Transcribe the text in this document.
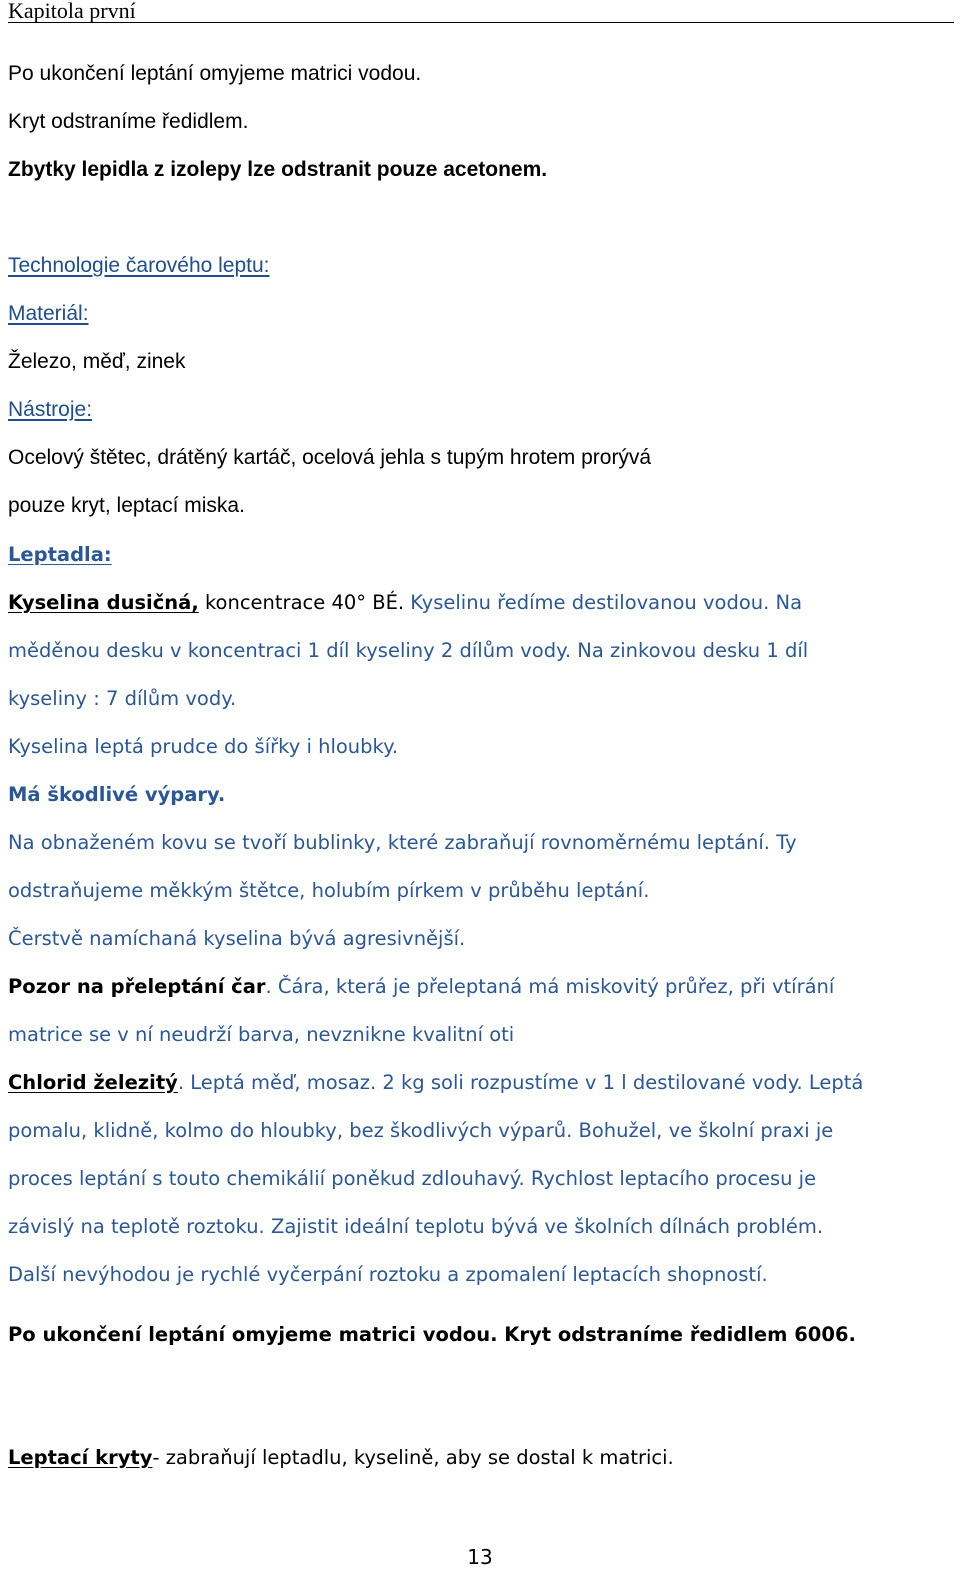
Kapitola první
Po ukončení leptání omyjeme matrici vodou.
Kryt odstraníme ředidlem.
Zbytky lepidla z izolepy lze odstranit pouze acetonem.
Technologie čarového leptu:
Materiál:
Železo, měď, zinek
Nástroje:
Ocelový štětec, drátěný kartáč, ocelová jehla s tupým hrotem prorývá
pouze kryt, leptací miska.
Leptadla:
Kyselina dusičná, koncentrace 40° BÉ. Kyselinu ředíme destilovanou vodou. Na
měděnou desku v koncentraci 1 díl kyseliny 2 dílům vody. Na zinkovou desku 1 díl
kyseliny : 7 dílům vody.
Kyselina leptá prudce do šířky i hloubky.
Má škodlivé výpary.
Na obnaženém kovu se tvoří bublinky, které zabraňují rovnoměrnému leptání. Ty
odstraňujeme měkkým štětce, holubím pírkem v průběhu leptání.
Čerstvě namíchaná kyselina bývá agresivnější.
Pozor na přeleptání čar. Čára, která je přeleptaná má miskovitý průřez, při vtírání
matrice se v ní neudrží barva, nevznikne kvalitní oti
Chlorid železitý. Leptá měď, mosaz. 2 kg soli rozpustíme v 1 l destilované vody. Leptá
pomalu, klidně, kolmo do hloubky, bez škodlivých výparů. Bohužel, ve školní praxi je
proces leptání s touto chemikálií poněkud zdlouhavý. Rychlost leptacího procesu je
závislý na teplotě roztoku. Zajistit ideální teplotu bývá ve školních dílnách problém.
Další nevýhodou je rychlé vyčerpání roztoku a zpomalení leptacích shopností.
Po ukončení leptání omyjeme matrici vodou. Kryt odstraníme ředidlem 6006.
Leptací kryty- zabraňují leptadlu, kyselině, aby se dostal k matrici.
13
